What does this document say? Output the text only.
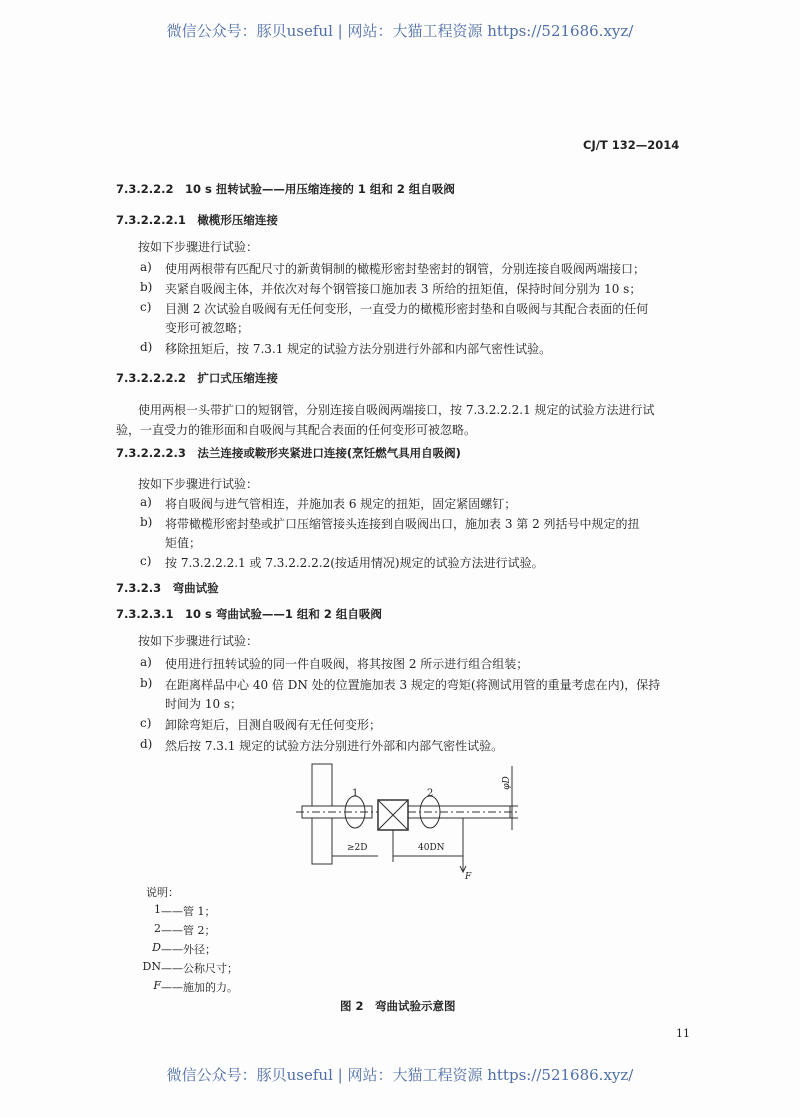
微信公众号：豚贝useful | 网站：大猫工程资源 https://521686.xyz/
CJ/T 132—2014
7.3.2.2.2　10 s 扭转试验——用压缩连接的 1 组和 2 组自吸阀
7.3.2.2.2.1　橄榄形压缩连接
按如下步骤进行试验：
a) 使用两根带有匹配尺寸的新黄铜制的橄榄形密封垫密封的钢管，分别连接自吸阀两端接口；
b) 夹紧自吸阀主体，并依次对每个钢管接口施加表 3 所给的扭矩值，保持时间分别为 10 s；
c) 目测 2 次试验自吸阀有无任何变形，一直受力的橄榄形密封垫和自吸阀与其配合表面的任何
变形可被忽略；
d) 移除扭矩后，按 7.3.1 规定的试验方法分别进行外部和内部气密性试验。
7.3.2.2.2.2　扩口式压缩连接
使用两根一头带扩口的短钢管，分别连接自吸阀两端接口，按 7.3.2.2.2.1 规定的试验方法进行试
验，一直受力的锥形面和自吸阀与其配合表面的任何变形可被忽略。
7.3.2.2.2.3　法兰连接或鞍形夹紧进口连接(烹饪燃气具用自吸阀)
按如下步骤进行试验：
a) 将自吸阀与进气管相连，并施加表 6 规定的扭矩，固定紧固螺钉；
b) 将带橄榄形密封垫或扩口压缩管接头连接到自吸阀出口，施加表 3 第 2 列括号中规定的扭
矩值；
c) 按 7.3.2.2.2.1 或 7.3.2.2.2.2(按适用情况)规定的试验方法进行试验。
7.3.2.3　弯曲试验
7.3.2.3.1　10 s 弯曲试验——1 组和 2 组自吸阀
按如下步骤进行试验：
a) 使用进行扭转试验的同一件自吸阀，将其按图 2 所示进行组合组装；
b) 在距离样品中心 40 倍 DN 处的位置施加表 3 规定的弯矩(将测试用管的重量考虑在内)，保持
时间为 10 s；
c) 卸除弯矩后，目测自吸阀有无任何变形；
d) 然后按 7.3.1 规定的试验方法分别进行外部和内部气密性试验。
1	2
≥2D	40DN
F
φD
说明：
1 ——管 1；
2 ——管 2；
D ——外径；
DN ——公称尺寸；
F ——施加的力。
图 2　弯曲试验示意图
11
微信公众号：豚贝useful | 网站：大猫工程资源 https://521686.xyz/
